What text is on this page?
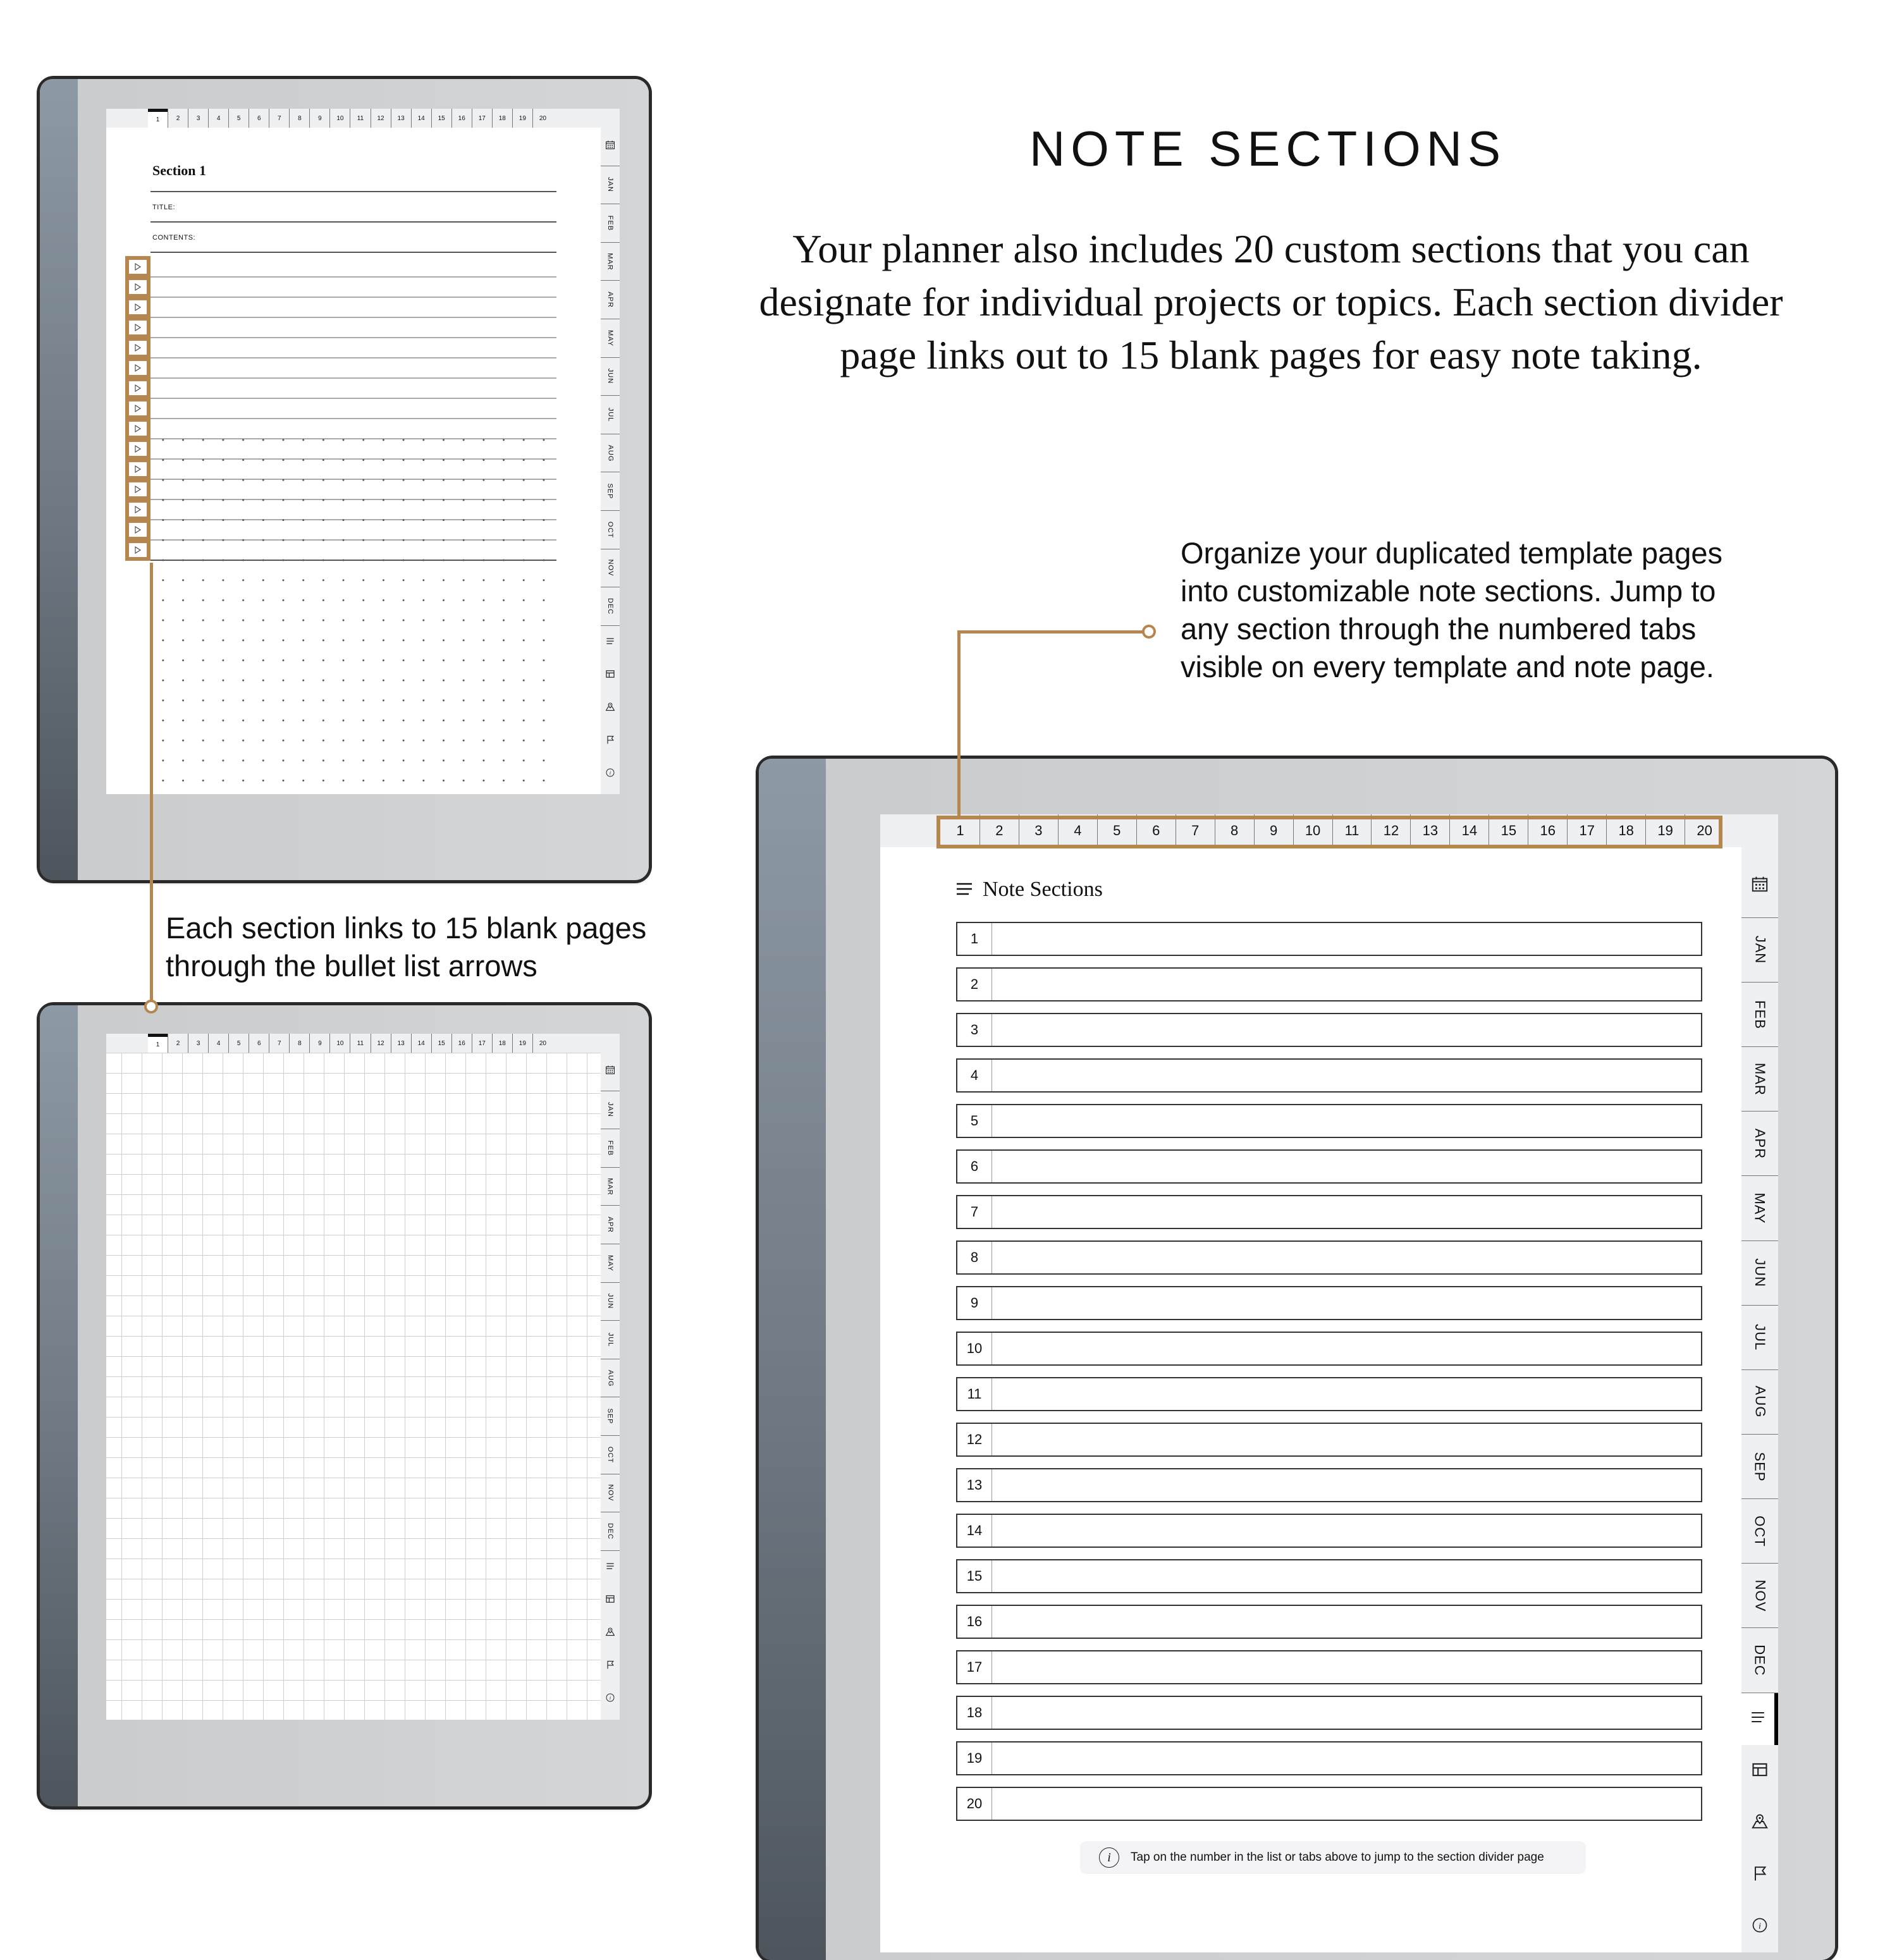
NOTE SECTIONS
Your planner also includes 20 custom sections that you can
designate for individual projects or topics. Each section divider
page links out to 15 blank pages for easy note taking.
Organize your duplicated template pages
into customizable note sections. Jump to
any section through the numbered tabs
visible on every template and note page.
Each section links to 15 blank pages
through the bullet list arrows
1	2	3	4	5	6	7	8	9	10	11	12	13	14	15	16	17	18	19	20
JAN
FEB
MAR
APR
MAY
JUN
JUL
AUG
SEP
OCT
NOV
DEC
i
Section 1
TITLE:
CONTENTS:
1	2	3	4	5	6	7	8	9	10	11	12	13	14	15	16	17	18	19	20
JAN
FEB
MAR
APR
MAY
JUN
JUL
AUG
SEP
OCT
NOV
DEC
i
1	2	3	4	5	6	7	8	9	10	11	12	13	14	15	16	17	18	19	20
JAN
FEB
MAR
APR
MAY
JUN
JUL
AUG
SEP
OCT
NOV
DEC
i
Note Sections
1
2
3
4
5
6
7
8
9
10
11
12
13
14
15
16
17
18
19
20
i	Tap on the number in the list or tabs above to jump to the section divider page
